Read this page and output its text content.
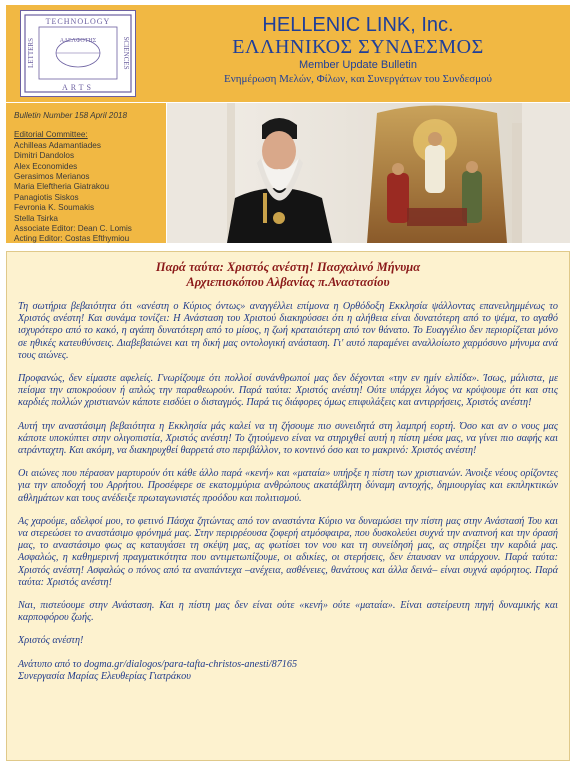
TECHNOLOGY
ARTS
LETTERS	SCIENCES
ΑΔΕΛΦΟΤΗΣ
HELLENIC LINK, Inc.
ΕΛΛΗΝΙΚΟΣ ΣΥΝΔΕΣΜΟΣ
Member Update Bulletin
Ενημέρωση Μελών, Φίλων, και Συνεργάτων του Συνδεσμού
Bulletin Number 158 April 2018
Editorial Committee:
Achilleas Adamantiades
Dimitri Dandolos
Alex Economides
Gerasimos Merianos
Maria Eleftheria Giatrakou
Panagiotis Siskos
Fevronia K. Soumakis
Stella Tsirka
Associate Editor: Dean C. Lomis
Acting Editor: Costas Efthymiou
Παρά ταύτα: Χριστός ανέστη! Πασχαλινό Μήνυμα
Αρχιεπισκόπου Αλβανίας π.Αναστασίου

Τη σωτήρια βεβαιότητα ότι «ανέστη ο Κύριος όντως» αναγγέλλει επίμονα η Ορθόδοξη Εκκλησία ψάλλοντας επανειλημμένως το Χριστός ανέστη! Και συνάμα τονίζει: Η Ανάσταση του Χριστού διακηρύσσει ότι η αλήθεια είναι δυνατότερη από το ψέμα, το αγαθό ισχυρότερο από το κακό, η αγάπη δυνατότερη από το μίσος, η ζωή κραταιότερη από τον θάνατο. Το Ευαγγέλιο δεν περιορίζεται μόνο σε ηθικές κατευθύνσεις. Διαβεβαιώνει και τη δική μας οντολογική ανάσταση. Γι' αυτό παραμένει αναλλοίωτο χαρμόσυνο μήνυμα ανά τους αιώνες.

Προφανώς, δεν είμαστε αφελείς. Γνωρίζουμε ότι πολλοί συνάνθρωποί μας δεν δέχονται «την εν ημίν ελπίδα». Ίσως, μάλιστα, με πείσμα την αποκρούουν ή απλώς την παραθεωρούν. Παρά ταύτα: Χριστός ανέστη! Ούτε υπάρχει λόγος να κρύψουμε ότι και στις καρδιές πολλών χριστιανών κάποτε εισδύει ο δισταγμός. Παρά τις διάφορες όμως επιφυλάξεις και αντιρρήσεις, Χριστός ανέστη!

Αυτή την αναστάσιμη βεβαιότητα η Εκκλησία μάς καλεί να τη ζήσουμε πιο συνειδητά στη λαμπρή εορτή. Όσο και αν ο νους μας κάποτε υποκύπτει στην ολιγοπιστία, Χριστός ανέστη! Το ζητούμενο είναι να στηριχθεί αυτή η πίστη μέσα μας, να γίνει πιο σαφής και ατράνταχτη. Και ακόμη, να διακηρυχθεί θαρρετά στο περιβάλλον, το κοντινό όσο και το μακρινό: Χριστός ανέστη!

Οι αιώνες που πέρασαν μαρτυρούν ότι κάθε άλλο παρά «κενή» και «ματαία» υπήρξε η πίστη των χριστιανών. Άνοιξε νέους ορίζοντες για την αποδοχή του Αρρήτου. Προσέφερε σε εκατομμύρια ανθρώπους ακατάβλητη δύναμη αντοχής, δημιουργίας και εκπληκτικών αθλημάτων και τους ανέδειξε πρωταγωνιστές προόδου και πολιτισμού.

Ας χαρούμε, αδελφοί μου, το φετινό Πάσχα ζητώντας από τον αναστάντα Κύριο να δυναμώσει την πίστη μας στην Ανάστασή Του και να στερεώσει το αναστάσιμο φρόνημά μας. Στην περιρρέουσα ζοφερή ατμόσφαιρα, που δυσκολεύει συχνά την αναπνοή και την όρασή μας, το αναστάσιμο φως ας καταυγάσει τη σκέψη μας, ας φωτίσει τον νου και τη συνείδησή μας, ας στηρίξει την καρδιά μας. Ασφαλώς, η καθημερινή πραγματικότητα που αντιμετωπίζουμε, οι αδικίες, οι στερήσεις, δεν έπαυσαν να υπάρχουν. Παρά ταύτα: Χριστός ανέστη! Ασφαλώς ο πόνος από τα αναπάντεχα –ανέχεια, ασθένειες, θανάτους και άλλα δεινά– είναι συχνά αφόρητος. Παρά ταύτα: Χριστός ανέστη!

Ναι, πιστεύουμε στην Ανάσταση. Και η πίστη μας δεν είναι ούτε «κενή» ούτε «ματαία». Είναι αστείρευτη πηγή δυναμικής και καρποφόρου ζωής.

Χριστός ανέστη!

Ανάτυπο από το dogma.gr/dialogos/para-tafta-christos-anesti/87165

Συνεργασία Μαρίας Ελευθερίας Γιατράκου
